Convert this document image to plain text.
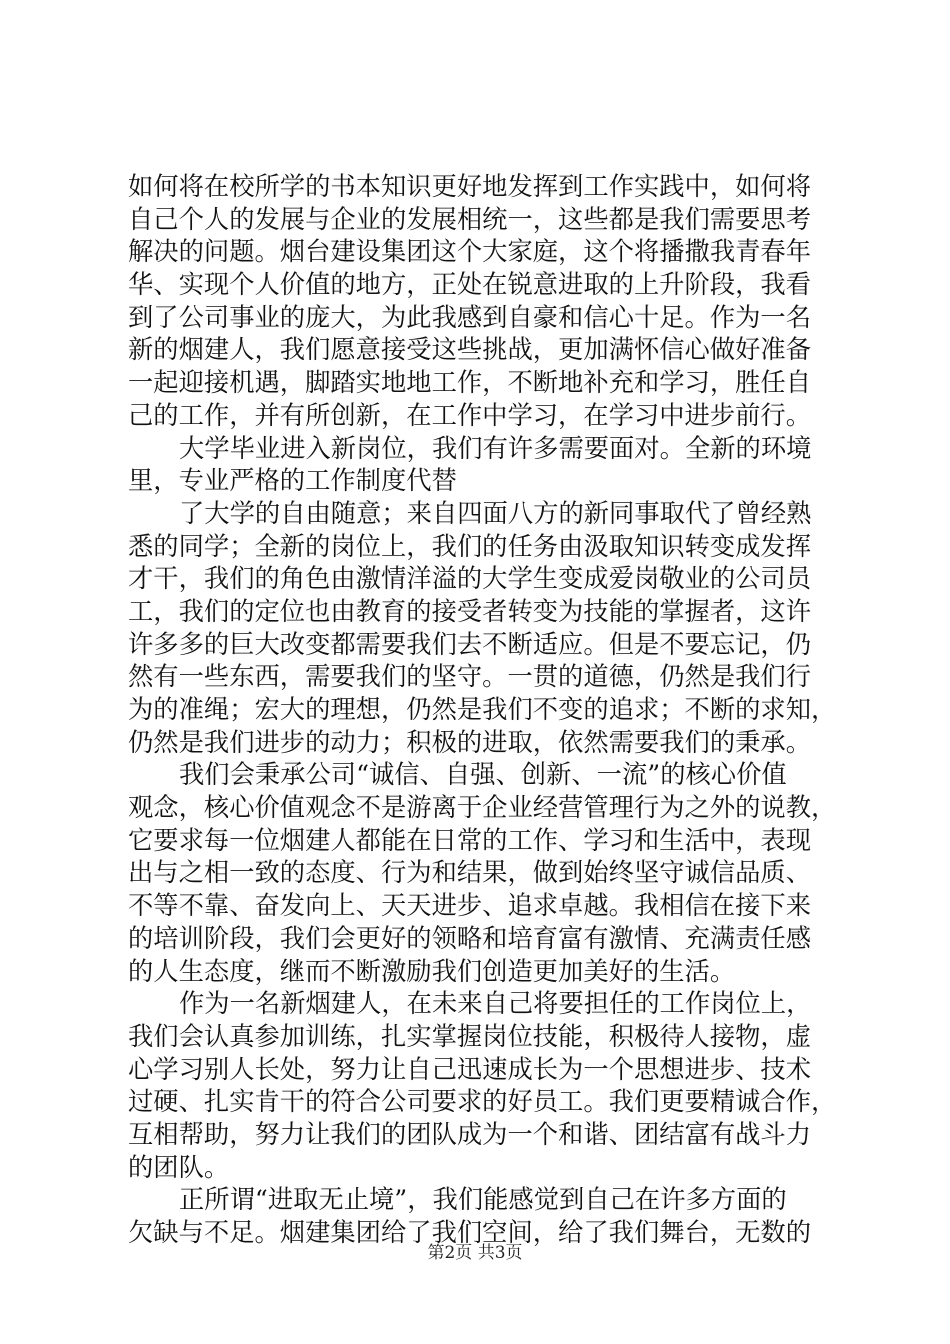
如何将在校所学的书本知识更好地发挥到工作实践中，如何将
自己个人的发展与企业的发展相统一，这些都是我们需要思考
解决的问题。烟台建设集团这个大家庭，这个将播撒我青春年
华、实现个人价值的地方，正处在锐意进取的上升阶段，我看
到了公司事业的庞大，为此我感到自豪和信心十足。作为一名
新的烟建人，我们愿意接受这些挑战，更加满怀信心做好准备
一起迎接机遇，脚踏实地地工作，不断地补充和学习，胜任自
己的工作，并有所创新，在工作中学习，在学习中进步前行。
大学毕业进入新岗位，我们有许多需要面对。全新的环境
里，专业严格的工作制度代替
了大学的自由随意；来自四面八方的新同事取代了曾经熟
悉的同学；全新的岗位上，我们的任务由汲取知识转变成发挥
才干，我们的角色由激情洋溢的大学生变成爱岗敬业的公司员
工，我们的定位也由教育的接受者转变为技能的掌握者，这许
许多多的巨大改变都需要我们去不断适应。但是不要忘记，仍
然有一些东西，需要我们的坚守。一贯的道德，仍然是我们行
为的准绳；宏大的理想，仍然是我们不变的追求；不断的求知，
仍然是我们进步的动力；积极的进取，依然需要我们的秉承。
我们会秉承公司“诚信、自强、创新、一流”的核心价值
观念，核心价值观念不是游离于企业经营管理行为之外的说教，
它要求每一位烟建人都能在日常的工作、学习和生活中，表现
出与之相一致的态度、行为和结果，做到始终坚守诚信品质、
不等不靠、奋发向上、天天进步、追求卓越。我相信在接下来
的培训阶段，我们会更好的领略和培育富有激情、充满责任感
的人生态度，继而不断激励我们创造更加美好的生活。
作为一名新烟建人，在未来自己将要担任的工作岗位上，
我们会认真参加训练，扎实掌握岗位技能，积极待人接物，虚
心学习别人长处，努力让自己迅速成长为一个思想进步、技术
过硬、扎实肯干的符合公司要求的好员工。我们更要精诚合作，
互相帮助，努力让我们的团队成为一个和谐、团结富有战斗力
的团队。
正所谓“进取无止境”，我们能感觉到自己在许多方面的
欠缺与不足。烟建集团给了我们空间，给了我们舞台，无数的
第2页 共3页
